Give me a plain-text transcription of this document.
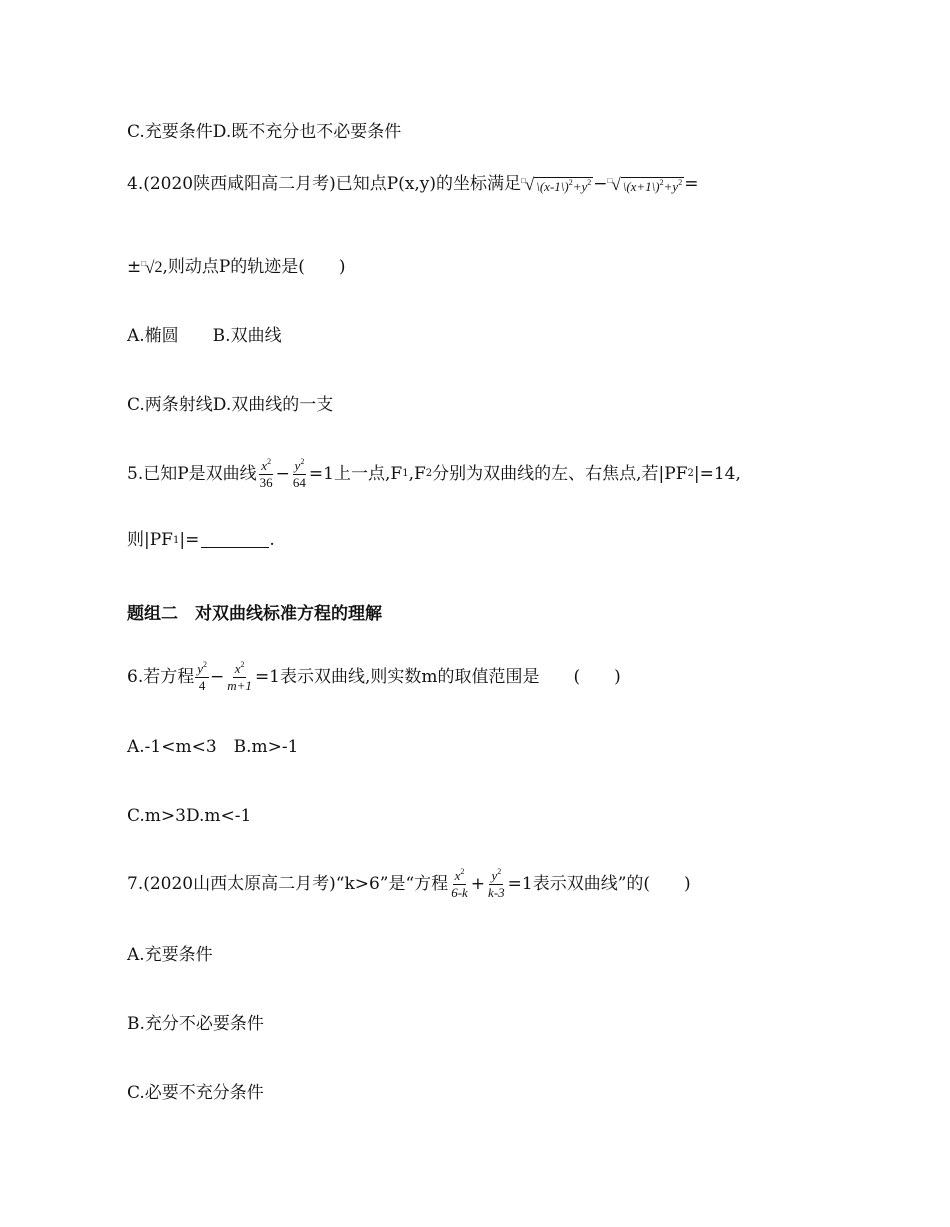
C.充要条件D.既不充分也不必要条件
4.(2020陕西咸阳高二月考)已知点P(x,y)的坐标满足 □ √ $\backslash(x-1\backslash)^2+y^2$ − □ √ $\backslash(x+1\backslash)^2+y^2$ =
± □ √ 2 ,则动点P的轨迹是(　　)
A.椭圆　　B.双曲线
C.两条射线D.双曲线的一支
5.已知P是双曲线 $\frac{x^2}{36} - \frac{y^2}{64} =1$上一点,F 1 ,F 2 分别为双曲线的左、右焦点,若|PF 2 |=14,
则|PF 1 |=	.
题组二　对双曲线标准方程的理解
6.若方程 $\frac{y^2}{4} - \frac{x^2}{m+1} =1$表示双曲线,则实数m的取值范围是　　(　　)
A.-1<m<3　B.m>-1
C.m>3D.m<-1
7.(2020山西太原高二月考)“k>6”是“方程 $\frac{x^2}{6-k} + \frac{y^2}{k-3} =1$表示双曲线”的(　　)
A.充要条件
B.充分不必要条件
C.必要不充分条件
